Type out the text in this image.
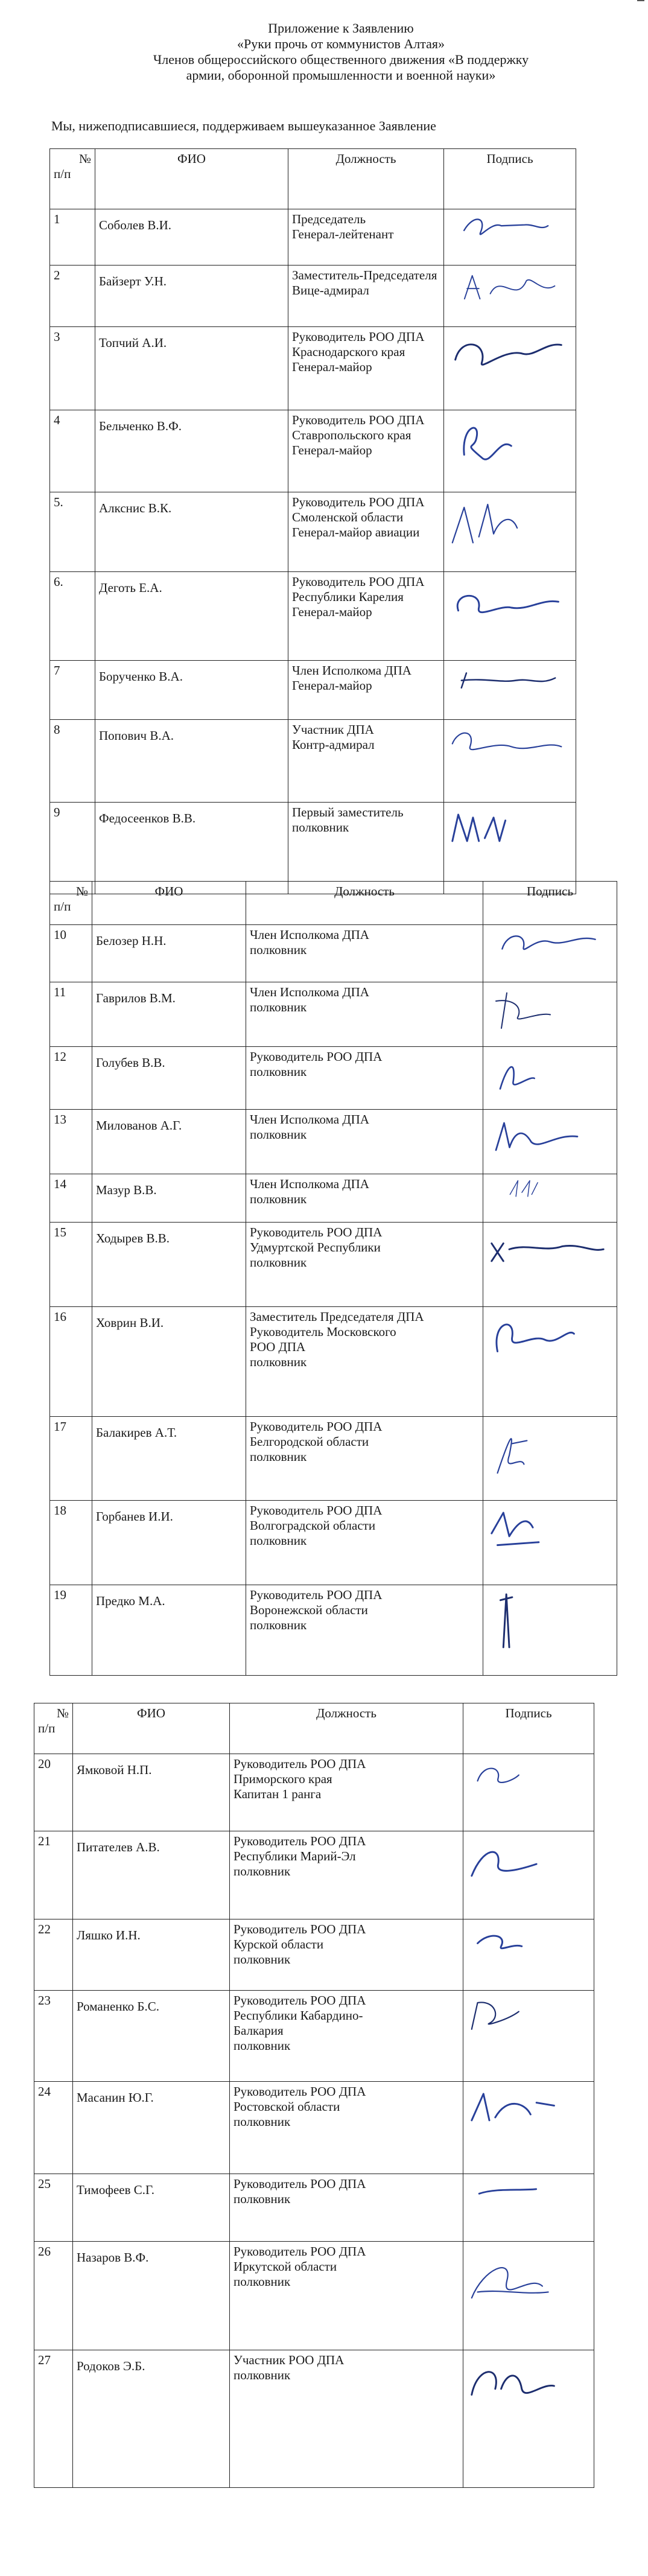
Приложение к Заявлению
«Руки прочь от коммунистов Алтая»
Членов общероссийского общественного движения «В поддержку
армии, оборонной промышленности и военной науки»
Мы, нижеподписавшиеся, поддерживаем вышеуказанное Заявление
№
п/п	ФИО	Должность	Подпись

1	Соболев В.И.	Председатель
Генерал-лейтенант

2	Байзерт У.Н.	Заместитель-Председателя
Вице-адмирал

3	Топчий А.И.	Руководитель РОО ДПА
Краснодарского края
Генерал-майор

4	Бельченко В.Ф.	Руководитель РОО ДПА
Ставропольского края
Генерал-майор

5.	Алкснис В.К.	Руководитель РОО ДПА
Смоленской области
Генерал-майор авиации

6.	Деготь Е.А.	Руководитель РОО ДПА
Республики Карелия
Генерал-майор

7	Борученко В.А.	Член Исполкома ДПА
Генерал-майор

8	Попович В.А.	Участник ДПА
Контр-адмирал

9	Федосеенков В.В.	Первый заместитель
полковник

№
п/п	ФИО	Должность	Подпись

10	Белозер Н.Н.	Член Исполкома ДПА
полковник

11	Гаврилов В.М.	Член Исполкома ДПА
полковник

12	Голубев В.В.	Руководитель РОО ДПА
полковник

13	Милованов А.Г.	Член Исполкома ДПА
полковник

14	Мазур В.В.	Член Исполкома ДПА
полковник

15	Ходырев В.В.	Руководитель РОО ДПА
Удмуртской Республики
полковник

16	Ховрин В.И.	Заместитель Председателя ДПА
Руководитель Московского
РОО ДПА
полковник

17	Балакирев А.Т.	Руководитель РОО ДПА
Белгородской области
полковник

18	Горбанев И.И.	Руководитель РОО ДПА
Волгоградской области
полковник

19	Предко М.А.	Руководитель РОО ДПА
Воронежской области
полковник

№
п/п	ФИО	Должность	Подпись

20	Ямковой Н.П.	Руководитель РОО ДПА
Приморского края
Капитан 1 ранга

21	Питателев А.В.	Руководитель РОО ДПА
Республики Марий-Эл
полковник

22	Ляшко И.Н.	Руководитель РОО ДПА
Курской области
полковник

23	Романенко Б.С.	Руководитель РОО ДПА
Республики Кабардино-
Балкария
полковник

24	Масанин Ю.Г.	Руководитель РОО ДПА
Ростовской области
полковник

25	Тимофеев С.Г.	Руководитель РОО ДПА
полковник

26	Назаров В.Ф.	Руководитель РОО ДПА
Иркутской области
полковник

27	Родоков Э.Б.	Участник РОО ДПА
полковник
